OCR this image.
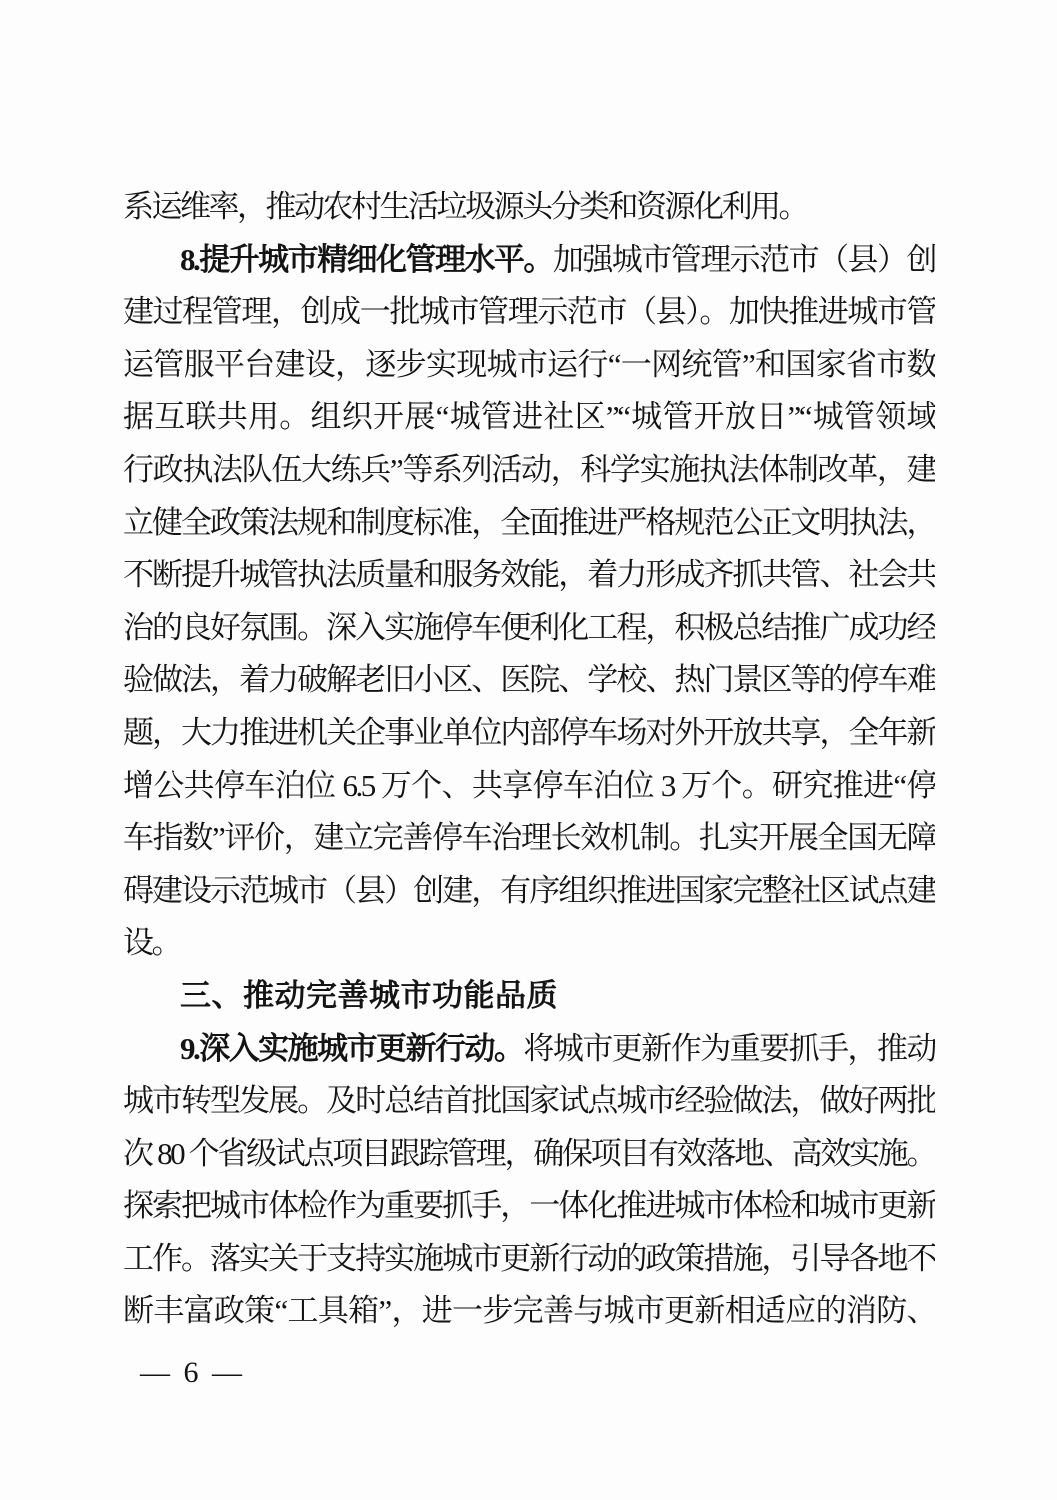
系运维率，推动农村生活垃圾源头分类和资源化利用。
8.提升城市精细化管理水平。加强城市管理示范市（县）创
建过程管理，创成一批城市管理示范市（县）。加快推进城市管
运管服平台建设，逐步实现城市运行“一网统管”和国家省市数
据互联共用。组织开展“城管进社区”“城管开放日”“城管领域
行政执法队伍大练兵”等系列活动，科学实施执法体制改革，建
立健全政策法规和制度标准，全面推进严格规范公正文明执法，
不断提升城管执法质量和服务效能，着力形成齐抓共管、社会共
治的良好氛围。深入实施停车便利化工程，积极总结推广成功经
验做法，着力破解老旧小区、医院、学校、热门景区等的停车难
题，大力推进机关企事业单位内部停车场对外开放共享，全年新
增公共停车泊位 6.5 万个、共享停车泊位 3 万个。研究推进“停
车指数”评价，建立完善停车治理长效机制。扎实开展全国无障
碍建设示范城市（县）创建，有序组织推进国家完整社区试点建
设。
三、推动完善城市功能品质
9.深入实施城市更新行动。将城市更新作为重要抓手，推动
城市转型发展。及时总结首批国家试点城市经验做法，做好两批
次 80 个省级试点项目跟踪管理，确保项目有效落地、高效实施。
探索把城市体检作为重要抓手，一体化推进城市体检和城市更新
工作。落实关于支持实施城市更新行动的政策措施，引导各地不
断丰富政策“工具箱”，进一步完善与城市更新相适应的消防、
— 6 —
